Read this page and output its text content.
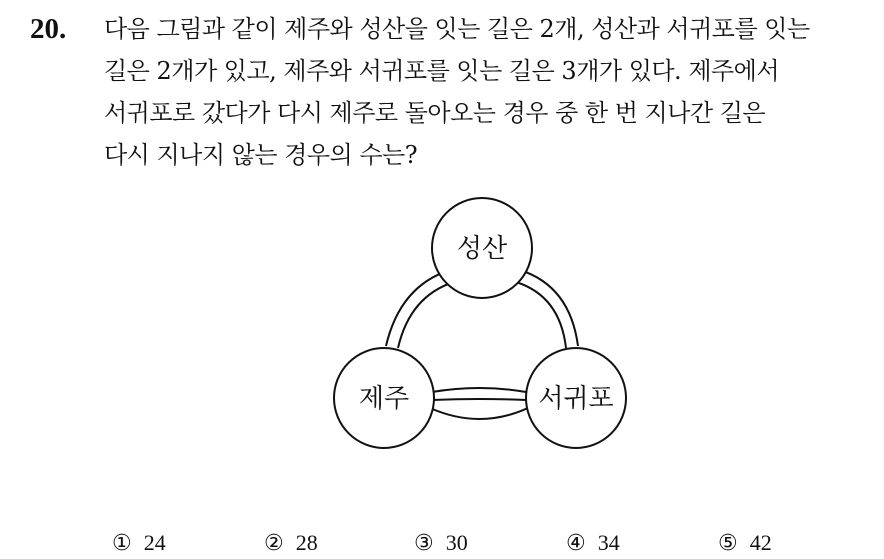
20. 다음 그림과 같이 제주와 성산을 잇는 길은 2개, 성산과 서귀포를 잇는
길은 2개가 있고, 제주와 서귀포를 잇는 길은 3개가 있다. 제주에서
서귀포로 갔다가 다시 제주로 돌아오는 경우 중 한 번 지나간 길은
다시 지나지 않는 경우의 수는?
성산
제주	서귀포
① 24	② 28	③ 30	④ 34	⑤ 42
